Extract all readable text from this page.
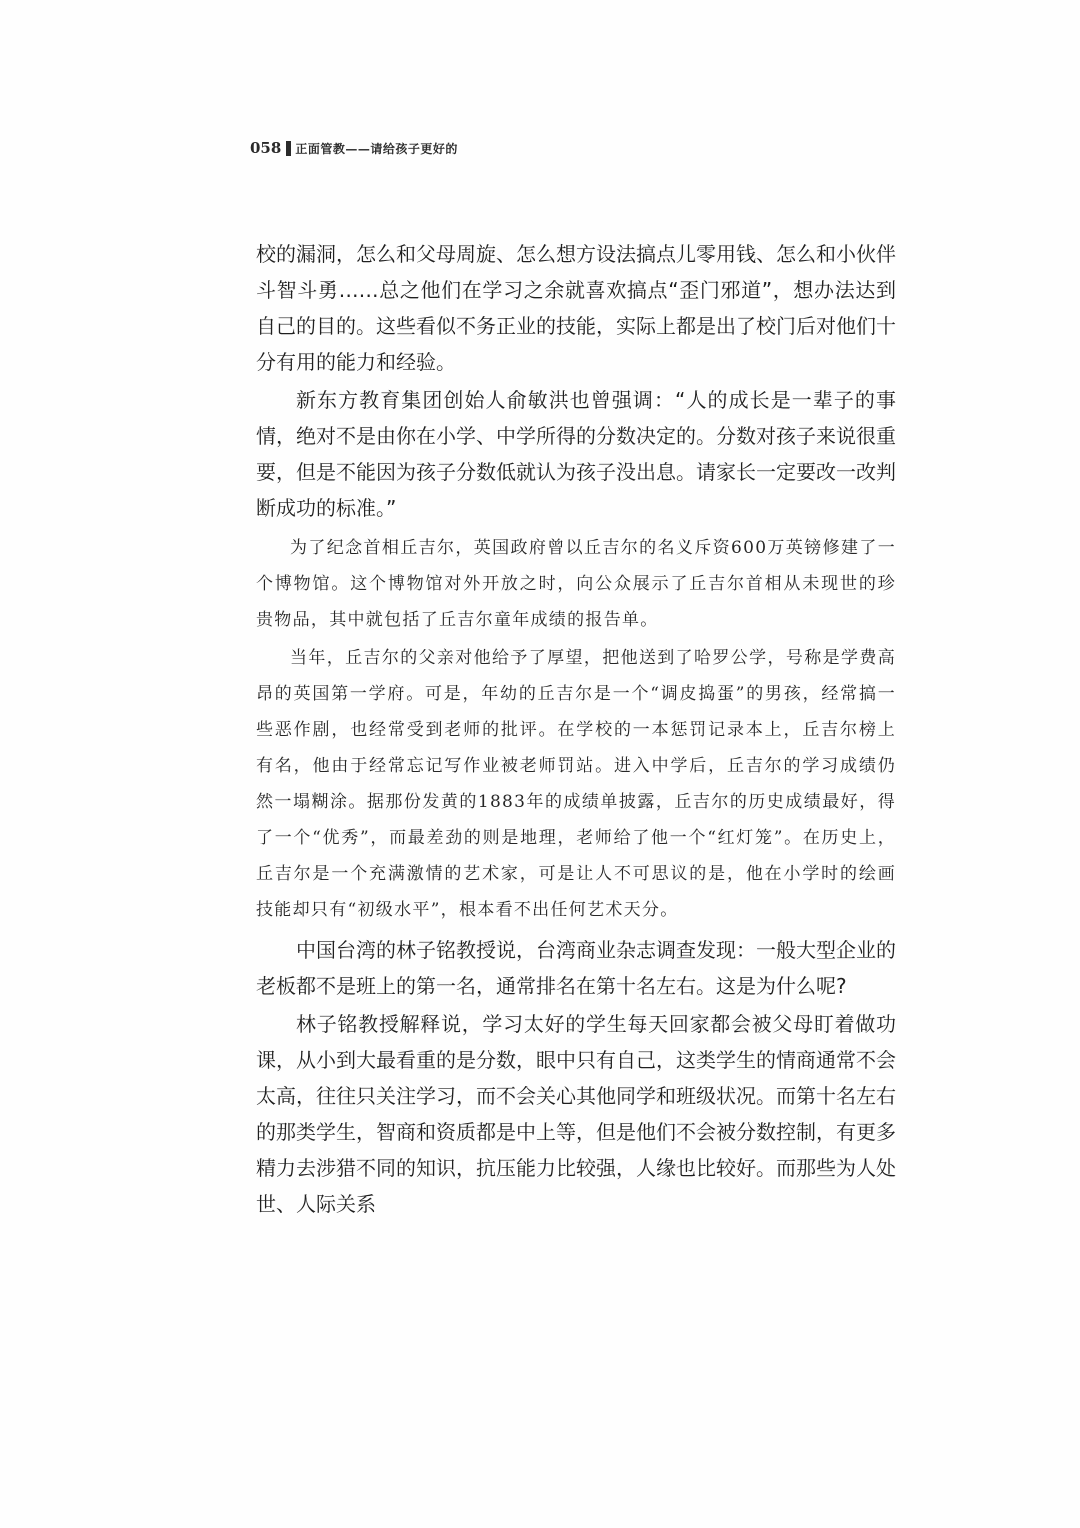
058 正面管教——请给孩子更好的

校的漏洞，怎么和父母周旋、怎么想方设法搞点儿零用钱、怎么和小伙伴斗智斗勇……总之他们在学习之余就喜欢搞点“歪门邪道”，想办法达到自己的目的。这些看似不务正业的技能，实际上都是出了校门后对他们十分有用的能力和经验。

新东方教育集团创始人俞敏洪也曾强调：“人的成长是一辈子的事情，绝对不是由你在小学、中学所得的分数决定的。分数对孩子来说很重要，但是不能因为孩子分数低就认为孩子没出息。请家长一定要改一改判断成功的标准。”

为了纪念首相丘吉尔，英国政府曾以丘吉尔的名义斥资600万英镑修建了一个博物馆。这个博物馆对外开放之时，向公众展示了丘吉尔首相从未现世的珍贵物品，其中就包括了丘吉尔童年成绩的报告单。

当年，丘吉尔的父亲对他给予了厚望，把他送到了哈罗公学，号称是学费高昂的英国第一学府。可是，年幼的丘吉尔是一个“调皮捣蛋”的男孩，经常搞一些恶作剧，也经常受到老师的批评。在学校的一本惩罚记录本上，丘吉尔榜上有名，他由于经常忘记写作业被老师罚站。进入中学后，丘吉尔的学习成绩仍然一塌糊涂。据那份发黄的1883年的成绩单披露，丘吉尔的历史成绩最好，得了一个“优秀”，而最差劲的则是地理，老师给了他一个“红灯笼”。在历史上，丘吉尔是一个充满激情的艺术家，可是让人不可思议的是，他在小学时的绘画技能却只有“初级水平”，根本看不出任何艺术天分。

中国台湾的林子铭教授说，台湾商业杂志调查发现：一般大型企业的老板都不是班上的第一名，通常排名在第十名左右。这是为什么呢?

林子铭教授解释说，学习太好的学生每天回家都会被父母盯着做功课，从小到大最看重的是分数，眼中只有自己，这类学生的情商通常不会太高，往往只关注学习，而不会关心其他同学和班级状况。而第十名左右的那类学生，智商和资质都是中上等，但是他们不会被分数控制，有更多精力去涉猎不同的知识，抗压能力比较强，人缘也比较好。而那些为人处世、人际关系
